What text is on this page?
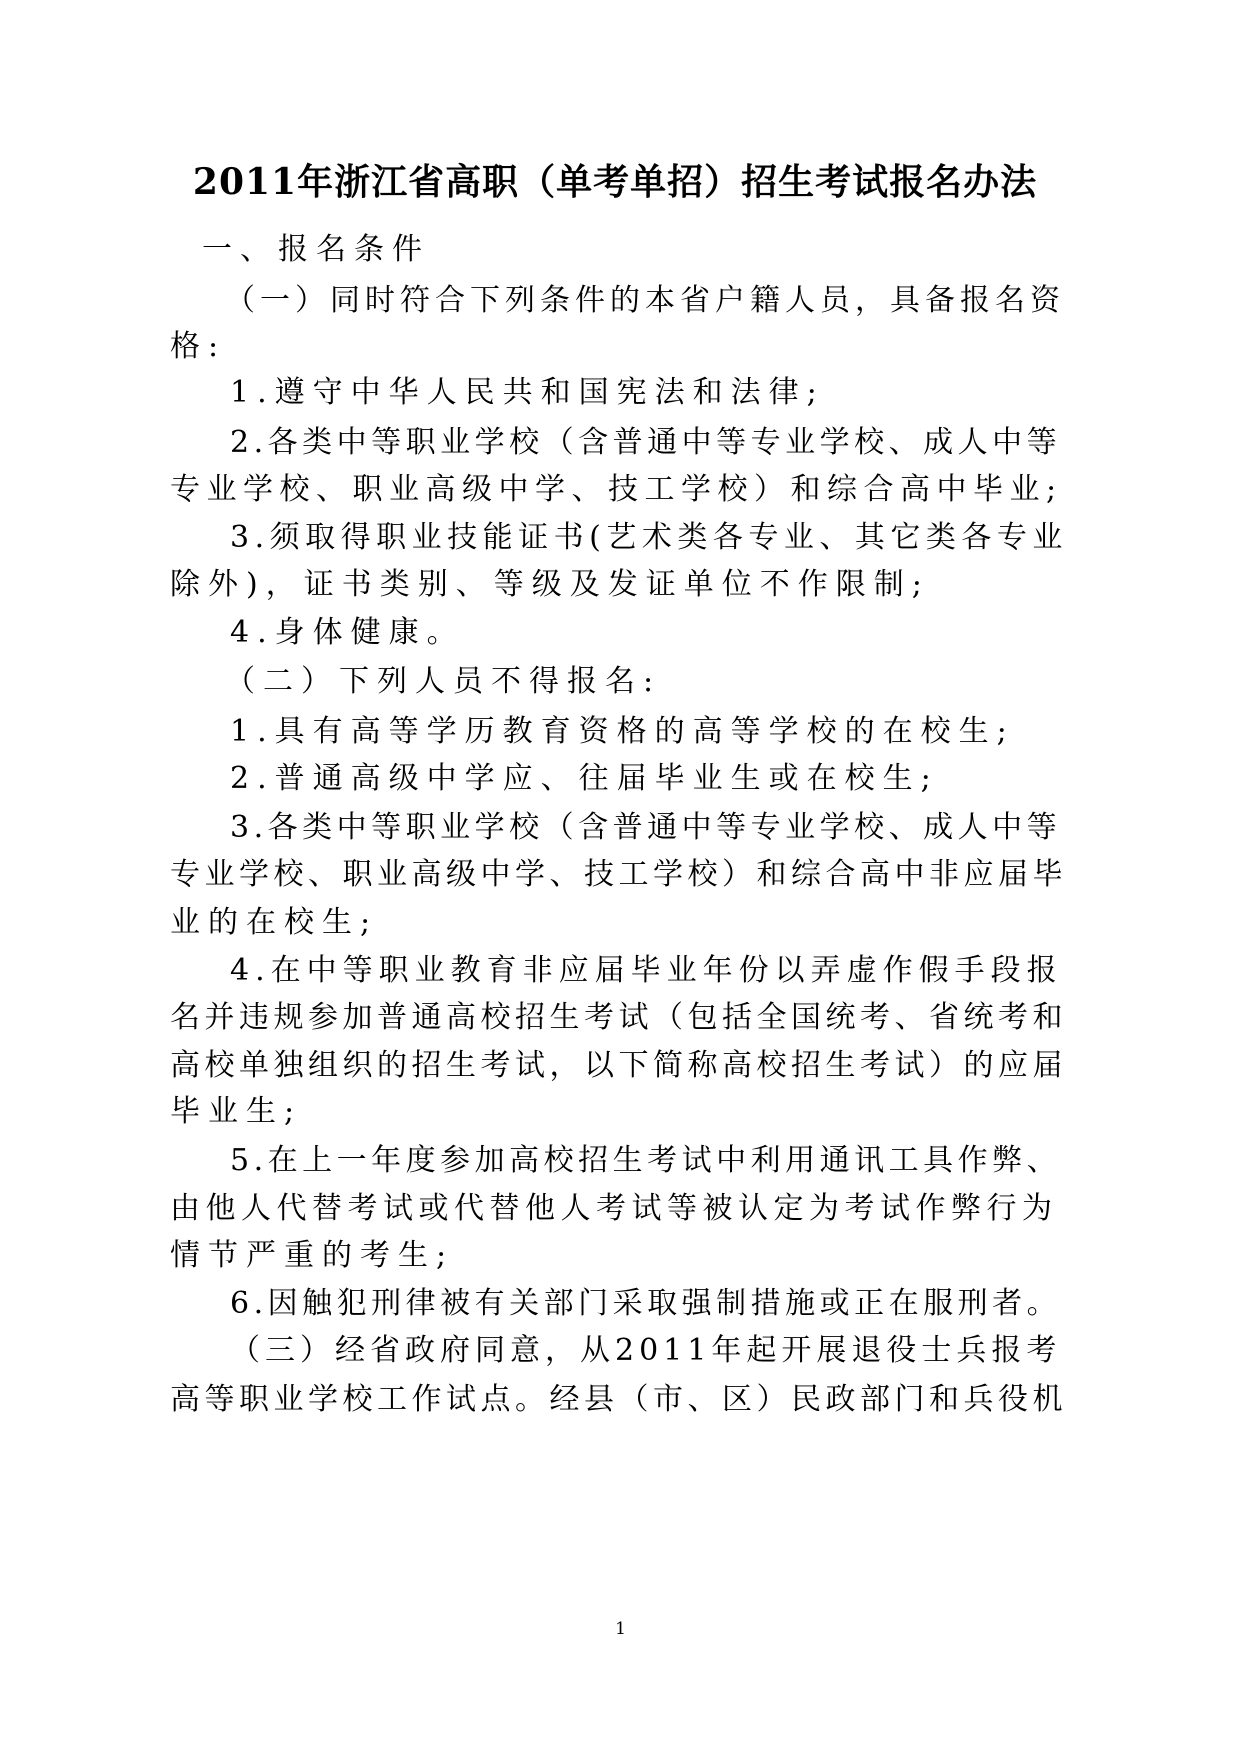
2011年浙江省高职（单考单招）招生考试报名办法
一、报名条件
（一）同时符合下列条件的本省户籍人员，具备报名资
格:
1.遵守中华人民共和国宪法和法律;
2.各类中等职业学校（含普通中等专业学校、成人中等
专业学校、职业高级中学、技工学校）和综合高中毕业;
3.须取得职业技能证书(艺术类各专业、其它类各专业
除外)，证书类别、等级及发证单位不作限制;
4.身体健康。
（二）下列人员不得报名:
1.具有高等学历教育资格的高等学校的在校生;
2.普通高级中学应、往届毕业生或在校生;
3.各类中等职业学校（含普通中等专业学校、成人中等
专业学校、职业高级中学、技工学校）和综合高中非应届毕
业的在校生;
4.在中等职业教育非应届毕业年份以弄虚作假手段报
名并违规参加普通高校招生考试（包括全国统考、省统考和
高校单独组织的招生考试，以下简称高校招生考试）的应届
毕业生;
5.在上一年度参加高校招生考试中利用通讯工具作弊、
由他人代替考试或代替他人考试等被认定为考试作弊行为
情节严重的考生;
6.因触犯刑律被有关部门采取强制措施或正在服刑者。
（三）经省政府同意，从2011年起开展退役士兵报考
高等职业学校工作试点。经县（市、区）民政部门和兵役机
1
